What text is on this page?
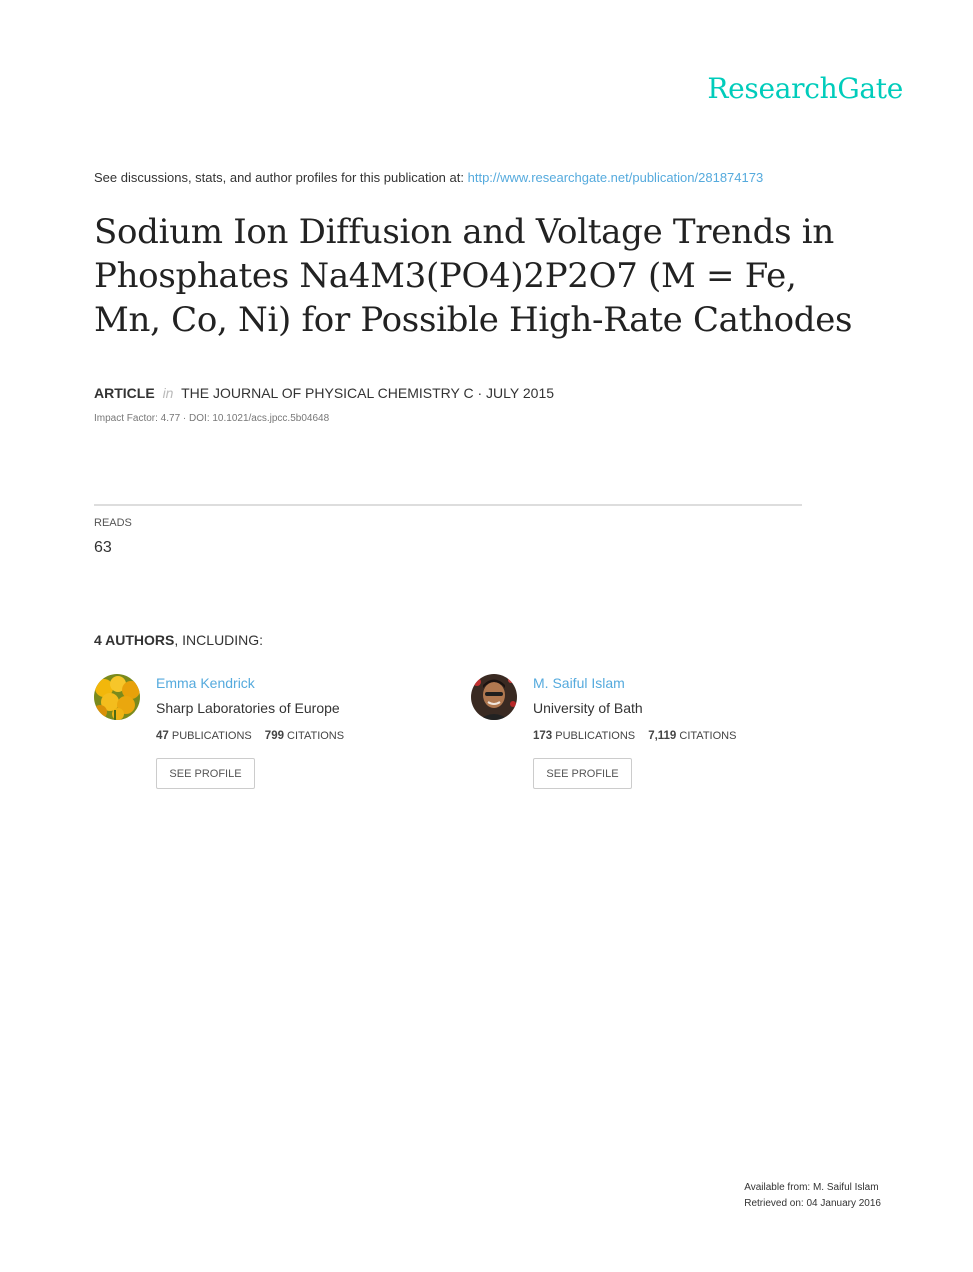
ResearchGate
See discussions, stats, and author profiles for this publication at: http://www.researchgate.net/publication/281874173
Sodium Ion Diffusion and Voltage Trends in Phosphates Na4M3(PO4)2P2O7 (M = Fe, Mn, Co, Ni) for Possible High-Rate Cathodes
ARTICLE in THE JOURNAL OF PHYSICAL CHEMISTRY C · JULY 2015
Impact Factor: 4.77 · DOI: 10.1021/acs.jpcc.5b04648
READS
63
4 AUTHORS, INCLUDING:
Emma Kendrick
Sharp Laboratories of Europe
47 PUBLICATIONS 799 CITATIONS
SEE PROFILE
M. Saiful Islam
University of Bath
173 PUBLICATIONS 7,119 CITATIONS
SEE PROFILE
Available from: M. Saiful Islam
Retrieved on: 04 January 2016
